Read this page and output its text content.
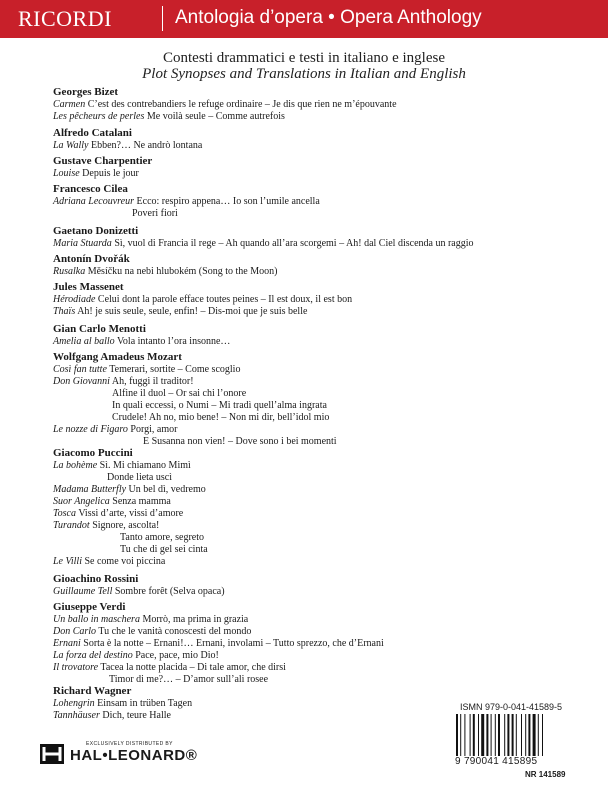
RICORDI	Antologia d’opera • Opera Anthology
Contesti drammatici e testi in italiano e inglese
Plot Synopses and Translations in Italian and English
Georges Bizet
Carmen C’est des contrebandiers le refuge ordinaire – Je dis que rien ne m’épouvante
Les pêcheurs de perles Me voilà seule – Comme autrefois
Alfredo Catalani
La Wally Ebben?… Ne andrò lontana
Gustave Charpentier
Louise Depuis le jour
Francesco Cilea
Adriana Lecouvreur Ecco: respiro appena… Io son l’umile ancella
Poveri fiori
Gaetano Donizetti
Maria Stuarda Sì, vuol di Francia il rege – Ah quando all’ara scorgemi – Ah! dal Ciel discenda un raggio
Antonín Dvořák
Rusalka Měsíčku na nebi hlubokém (Song to the Moon)
Jules Massenet
Hérodiade Celui dont la parole efface toutes peines – Il est doux, il est bon
Thaïs Ah! je suis seule, seule, enfin! – Dis-moi que je suis belle
Gian Carlo Menotti
Amelia al ballo Vola intanto l’ora insonne…
Wolfgang Amadeus Mozart
Così fan tutte Temerari, sortite – Come scoglio
Don Giovanni Ah, fuggi il traditor!
Alfine il duol – Or sai chi l’onore
In quali eccessi, o Numi – Mi tradì quell’alma ingrata
Crudele! Ah no, mio bene! – Non mi dir, bell’idol mio
Le nozze di Figaro Porgi, amor
E Susanna non vien! – Dove sono i bei momenti
Giacomo Puccini
La bohème Sì. Mi chiamano Mimì
Donde lieta uscì
Madama Butterfly Un bel dì, vedremo
Suor Angelica Senza mamma
Tosca Vissi d’arte, vissi d’amore
Turandot Signore, ascolta!
Tanto amore, segreto
Tu che di gel sei cinta
Le Villi Se come voi piccina
Gioachino Rossini
Guillaume Tell Sombre forêt (Selva opaca)
Giuseppe Verdi
Un ballo in maschera Morrò, ma prima in grazia
Don Carlo Tu che le vanità conoscesti del mondo
Ernani Sorta è la notte – Ernani!… Ernani, involami – Tutto sprezzo, che d’Ernani
La forza del destino Pace, pace, mio Dio!
Il trovatore Tacea la notte placida – Di tale amor, che dirsi
Timor di me?… – D’amor sull’ali rosee
Richard Wagner
Lohengrin Einsam in trüben Tagen
Tannhäuser Dich, teure Halle
ISMN 979-0-041-41589-5
9 790041 415895
NR 141589
EXCLUSIVELY DISTRIBUTED BY
HAL•LEONARD®
